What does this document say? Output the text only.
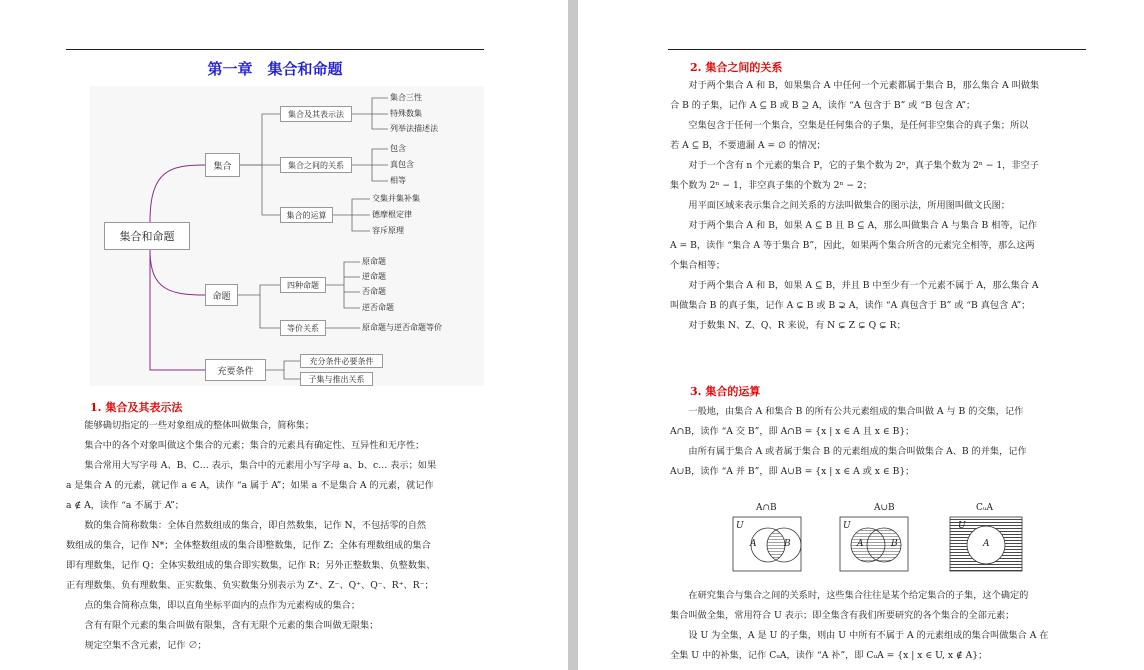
第一章　集合和命题
集合和命题
集合
集合及其表示法
集合三性
特殊数集
列举法描述法
集合之间的关系
包含
真包含
相等
集合的运算
交集并集补集
德摩根定律
容斥原理
命题
四种命题
原命题
逆命题
否命题
逆否命题
等价关系	原命题与逆否命题等价
充要条件
充分条件必要条件
子集与推出关系
1. 集合及其表示法

能够确切指定的一些对象组成的整体叫做集合，简称集；

集合中的各个对象叫做这个集合的元素；集合的元素具有确定性、互异性和无序性；

集合常用大写字母 A、B、C… 表示，集合中的元素用小写字母 a、b、c… 表示；如果

a 是集合 A 的元素，就记作 a ∈ A，读作 “a 属于 A”；如果 a 不是集合 A 的元素，就记作

a ∉ A，读作 “a 不属于 A”；

数的集合简称数集：全体自然数组成的集合，即自然数集，记作 N，不包括零的自然

数组成的集合，记作 N*；全体整数组成的集合即整数集，记作 Z；全体有理数组成的集合

即有理数集，记作 Q；全体实数组成的集合即实数集，记作 R；另外正整数集、负整数集、

正有理数集、负有理数集、正实数集、负实数集分别表示为 Z⁺、Z⁻、Q⁺、Q⁻、R⁺、R⁻；

点的集合简称点集，即以直角坐标平面内的点作为元素构成的集合；

含有有限个元素的集合叫做有限集，含有无限个元素的集合叫做无限集；

规定空集不含元素，记作 ∅；

2. 集合之间的关系

对于两个集合 A 和 B，如果集合 A 中任何一个元素都属于集合 B，那么集合 A 叫做集

合 B 的子集，记作 A ⊆ B 或 B ⊇ A，读作 “A 包含于 B” 或 “B 包含 A”；

空集包含于任何一个集合，空集是任何集合的子集，是任何非空集合的真子集；所以

若 A ⊆ B，不要遗漏 A = ∅ 的情况；

对于一个含有 n 个元素的集合 P，它的子集个数为 2ⁿ，真子集个数为 2ⁿ − 1，非空子

集个数为 2ⁿ − 1，非空真子集的个数为 2ⁿ − 2；

用平面区域来表示集合之间关系的方法叫做集合的图示法，所用图叫做文氏图；

对于两个集合 A 和 B，如果 A ⊆ B 且 B ⊆ A，那么叫做集合 A 与集合 B 相等，记作

A = B，读作 “集合 A 等于集合 B”，因此，如果两个集合所含的元素完全相等，那么这两

个集合相等；

对于两个集合 A 和 B，如果 A ⊆ B，并且 B 中至少有一个元素不属于 A，那么集合 A

叫做集合 B 的真子集，记作 A ⊊ B 或 B ⊋ A，读作 “A 真包含于 B” 或 “B 真包含 A”；

对于数集 N、Z、Q、R 来说，有 N ⊊ Z ⊊ Q ⊊ R；

3. 集合的运算

一般地，由集合 A 和集合 B 的所有公共元素组成的集合叫做 A 与 B 的交集，记作

A∩B，读作 “A 交 B”，即 A∩B = {x | x ∈ A 且 x ∈ B}；

由所有属于集合 A 或者属于集合 B 的元素组成的集合叫做集合 A、B 的并集，记作

A∪B，读作 “A 并 B”，即 A∪B = {x | x ∈ A 或 x ∈ B}；

A∩B	A∪B	CᵤA
U
A	B
U
A	B
U
A

在研究集合与集合之间的关系时，这些集合往往是某个给定集合的子集，这个确定的

集合叫做全集，常用符合 U 表示；即全集含有我们所要研究的各个集合的全部元素；

设 U 为全集，A 是 U 的子集，则由 U 中所有不属于 A 的元素组成的集合叫做集合 A 在

全集 U 中的补集，记作 CᵤA，读作 “A 补”，即 CᵤA = {x | x ∈ U, x ∉ A}；
